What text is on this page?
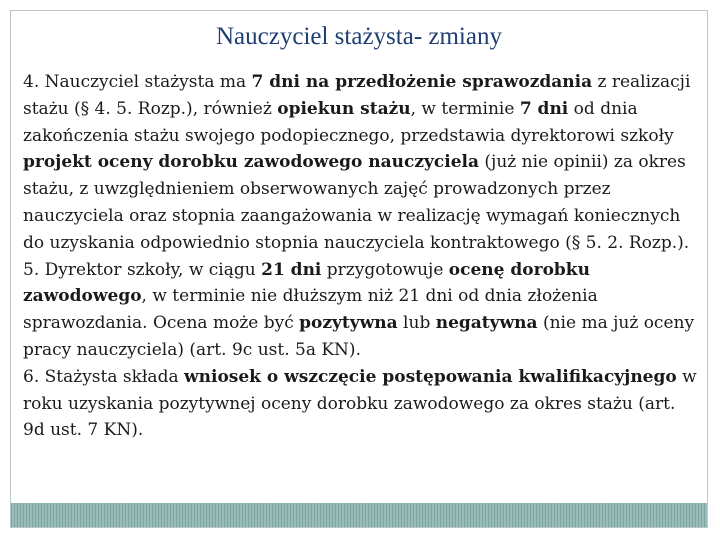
Nauczyciel stażysta- zmiany

4. Nauczyciel stażysta ma 7 dni na przedłożenie sprawozdania z realizacji stażu (§ 4. 5. Rozp.), również opiekun stażu, w terminie 7 dni od dnia zakończenia stażu swojego podopiecznego, przedstawia dyrektorowi szkoły projekt oceny dorobku zawodowego nauczyciela (już nie opinii) za okres stażu, z uwzględnieniem obserwowanych zajęć prowadzonych przez nauczyciela oraz stopnia zaangażowania w realizację wymagań koniecznych do uzyskania odpowiednio stopnia nauczyciela kontraktowego (§ 5. 2. Rozp.).

5. Dyrektor szkoły, w ciągu 21 dni przygotowuje ocenę dorobku zawodowego, w terminie nie dłuższym niż 21 dni od dnia złożenia sprawozdania. Ocena może być pozytywna lub negatywna (nie ma już oceny pracy nauczyciela) (art. 9c ust. 5a KN).

6. Stażysta składa wniosek o wszczęcie postępowania kwalifikacyjnego w roku uzyskania pozytywnej oceny dorobku zawodowego za okres stażu (art. 9d ust. 7 KN).
